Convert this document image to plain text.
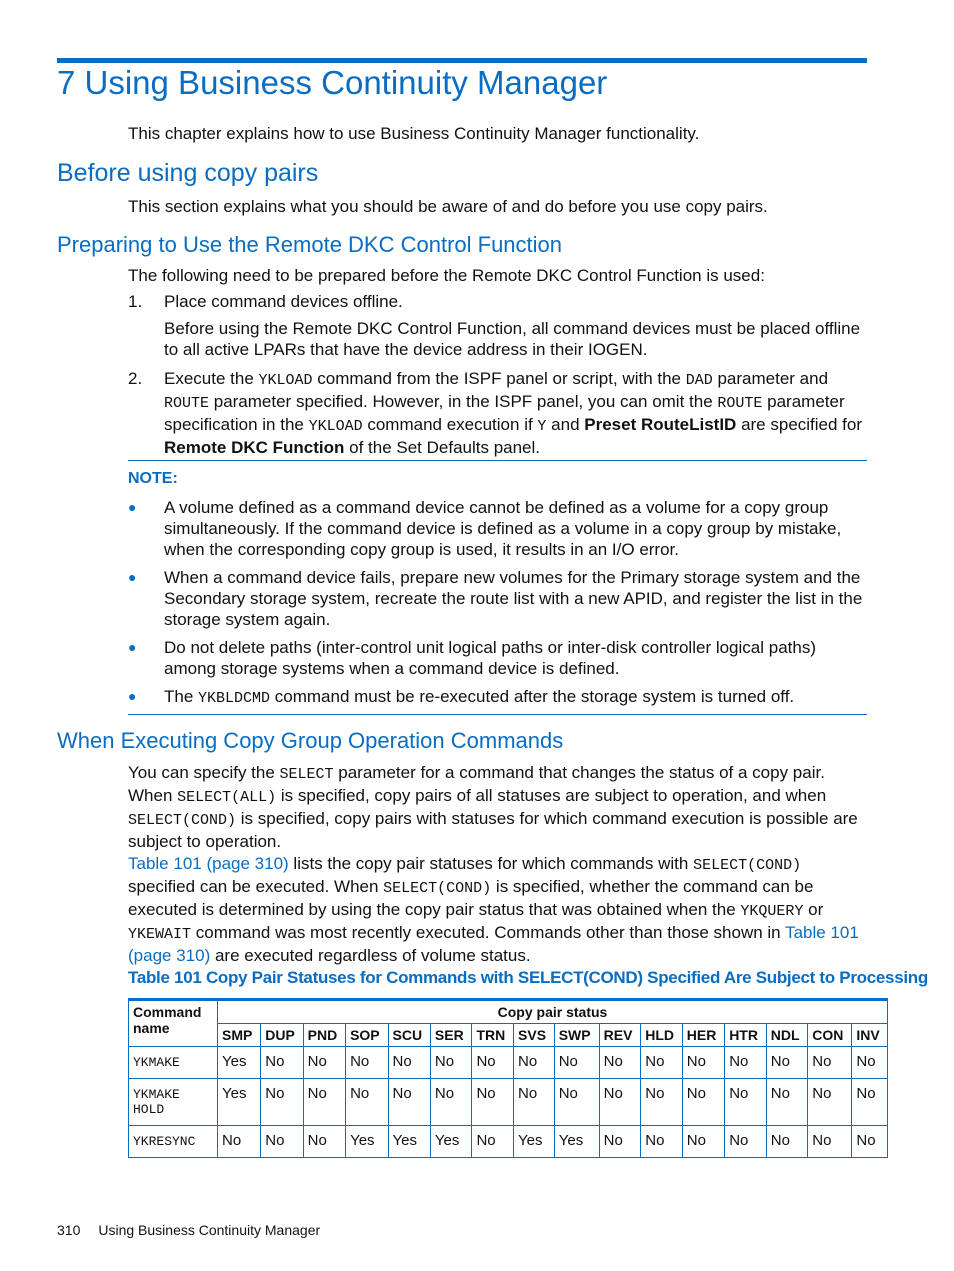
7 Using Business Continuity Manager

This chapter explains how to use Business Continuity Manager functionality.

Before using copy pairs

This section explains what you should be aware of and do before you use copy pairs.

Preparing to Use the Remote DKC Control Function

The following need to be prepared before the Remote DKC Control Function is used:

1. Place command devices offline.

Before using the Remote DKC Control Function, all command devices must be placed offline to all active LPARs that have the device address in their IOGEN.

2. Execute the YKLOAD command from the ISPF panel or script, with the DAD parameter and ROUTE parameter specified. However, in the ISPF panel, you can omit the ROUTE parameter specification in the YKLOAD command execution if Y and Preset RouteListID are specified for Remote DKC Function of the Set Defaults panel.

NOTE:
● A volume defined as a command device cannot be defined as a volume for a copy group simultaneously. If the command device is defined as a volume in a copy group by mistake, when the corresponding copy group is used, it results in an I/O error.

● When a command device fails, prepare new volumes for the Primary storage system and the Secondary storage system, recreate the route list with a new APID, and register the list in the storage system again.

● Do not delete paths (inter-control unit logical paths or inter-disk controller logical paths) among storage systems when a command device is defined.

● The YKBLDCMD command must be re-executed after the storage system is turned off.

When Executing Copy Group Operation Commands

You can specify the SELECT parameter for a command that changes the status of a copy pair. When SELECT(ALL) is specified, copy pairs of all statuses are subject to operation, and when SELECT(COND) is specified, copy pairs with statuses for which command execution is possible are subject to operation.

Table 101 (page 310) lists the copy pair statuses for which commands with SELECT(COND) specified can be executed. When SELECT(COND) is specified, whether the command can be executed is determined by using the copy pair status that was obtained when the YKQUERY or YKEWAIT command was most recently executed. Commands other than those shown in Table 101 (page 310) are executed regardless of volume status.

Table 101 Copy Pair Statuses for Commands with SELECT(COND) Specified Are Subject to Processing

Command name	Copy pair status															
	SMP	DUP	PND	SOP	SCU	SER	TRN	SVS	SWP	REV	HLD	HER	HTR	NDL	CON	INV
YKMAKE	Yes	No	No	No	No	No	No	No	No	No	No	No	No	No	No	No
YKMAKE HOLD	Yes	No	No	No	No	No	No	No	No	No	No	No	No	No	No	No
YKRESYNC	No	No	No	Yes	Yes	Yes	No	Yes	Yes	No	No	No	No	No	No	No
310 Using Business Continuity Manager
